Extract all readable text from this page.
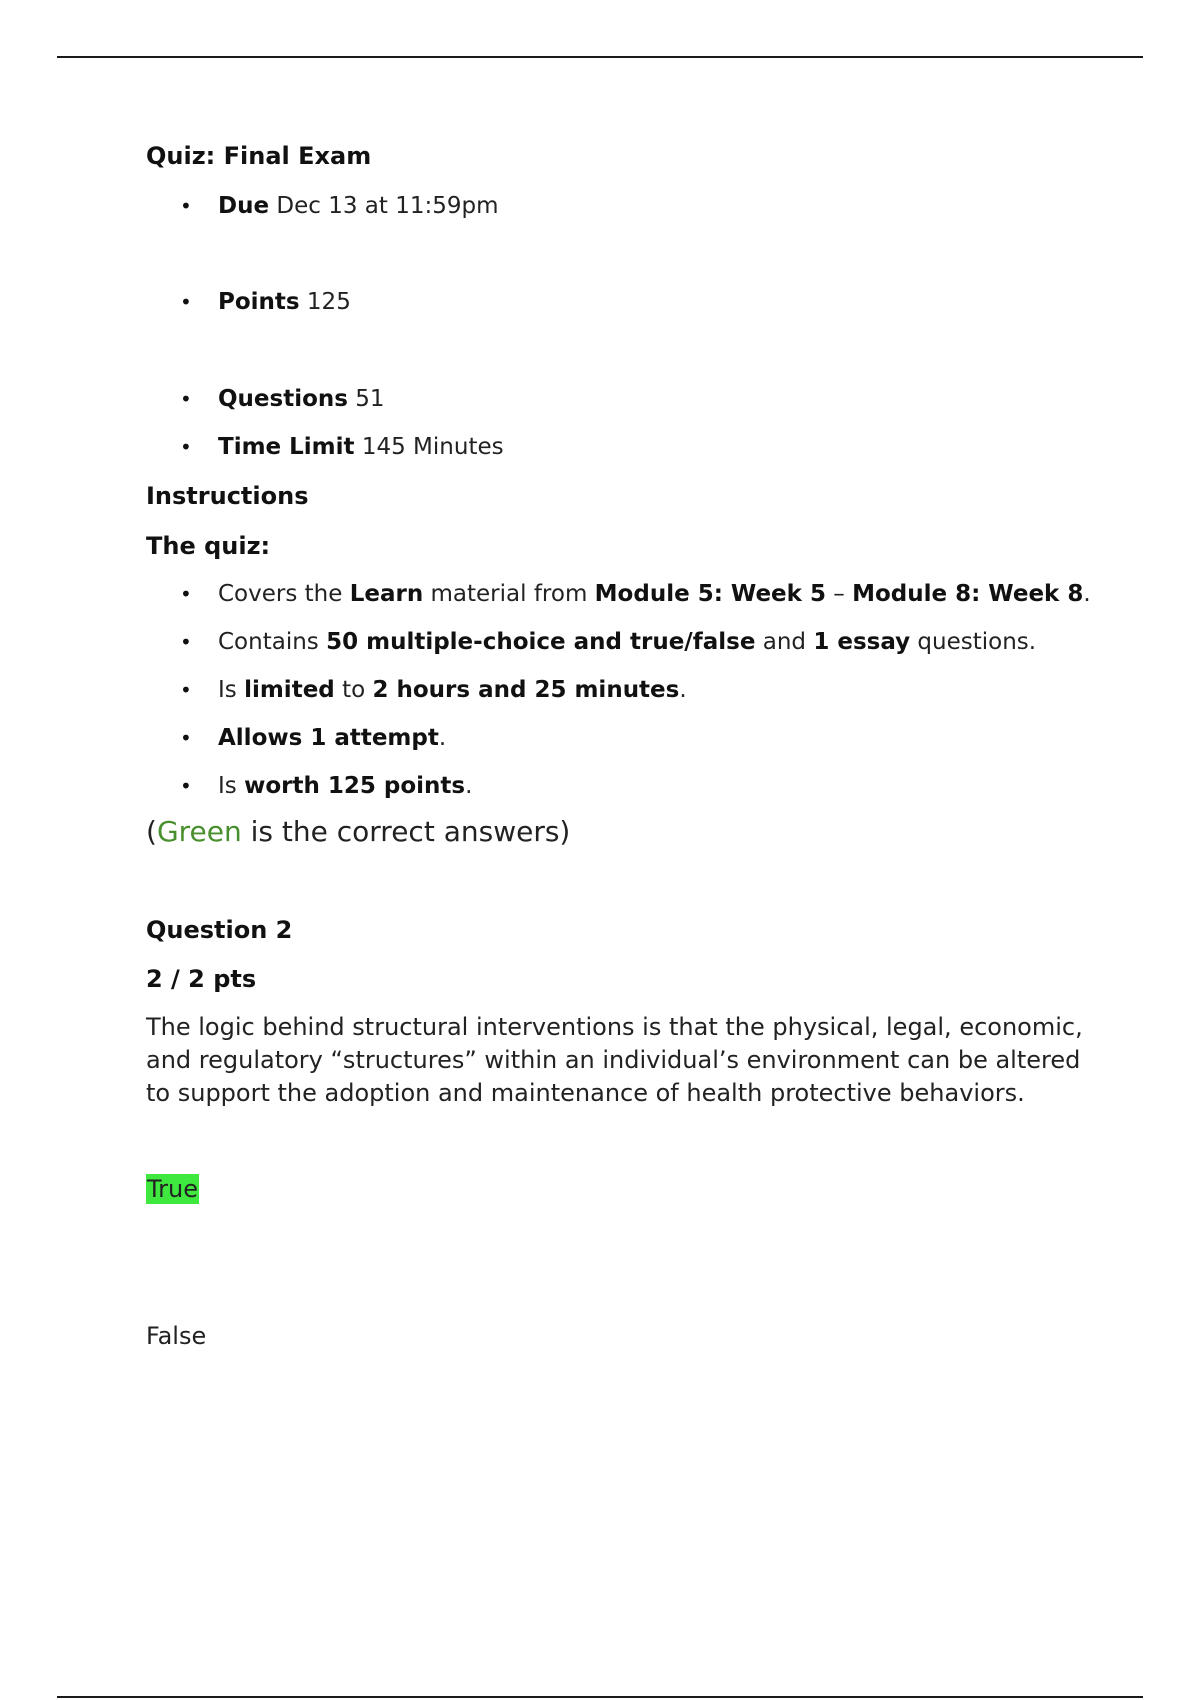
Quiz: Final Exam

• Due Dec 13 at 11:59pm
• Points 125
• Questions 51
• Time Limit 145 Minutes

Instructions

The quiz:

• Covers the Learn material from Module 5: Week 5 – Module 8: Week 8.
• Contains 50 multiple-choice and true/false and 1 essay questions.
• Is limited to 2 hours and 25 minutes.
• Allows 1 attempt.
• Is worth 125 points.

(Green is the correct answers)

Question 2

2 / 2 pts

The logic behind structural interventions is that the physical, legal, economic, and regulatory “structures” within an individual’s environment can be altered to support the adoption and maintenance of health protective behaviors.

True

False
